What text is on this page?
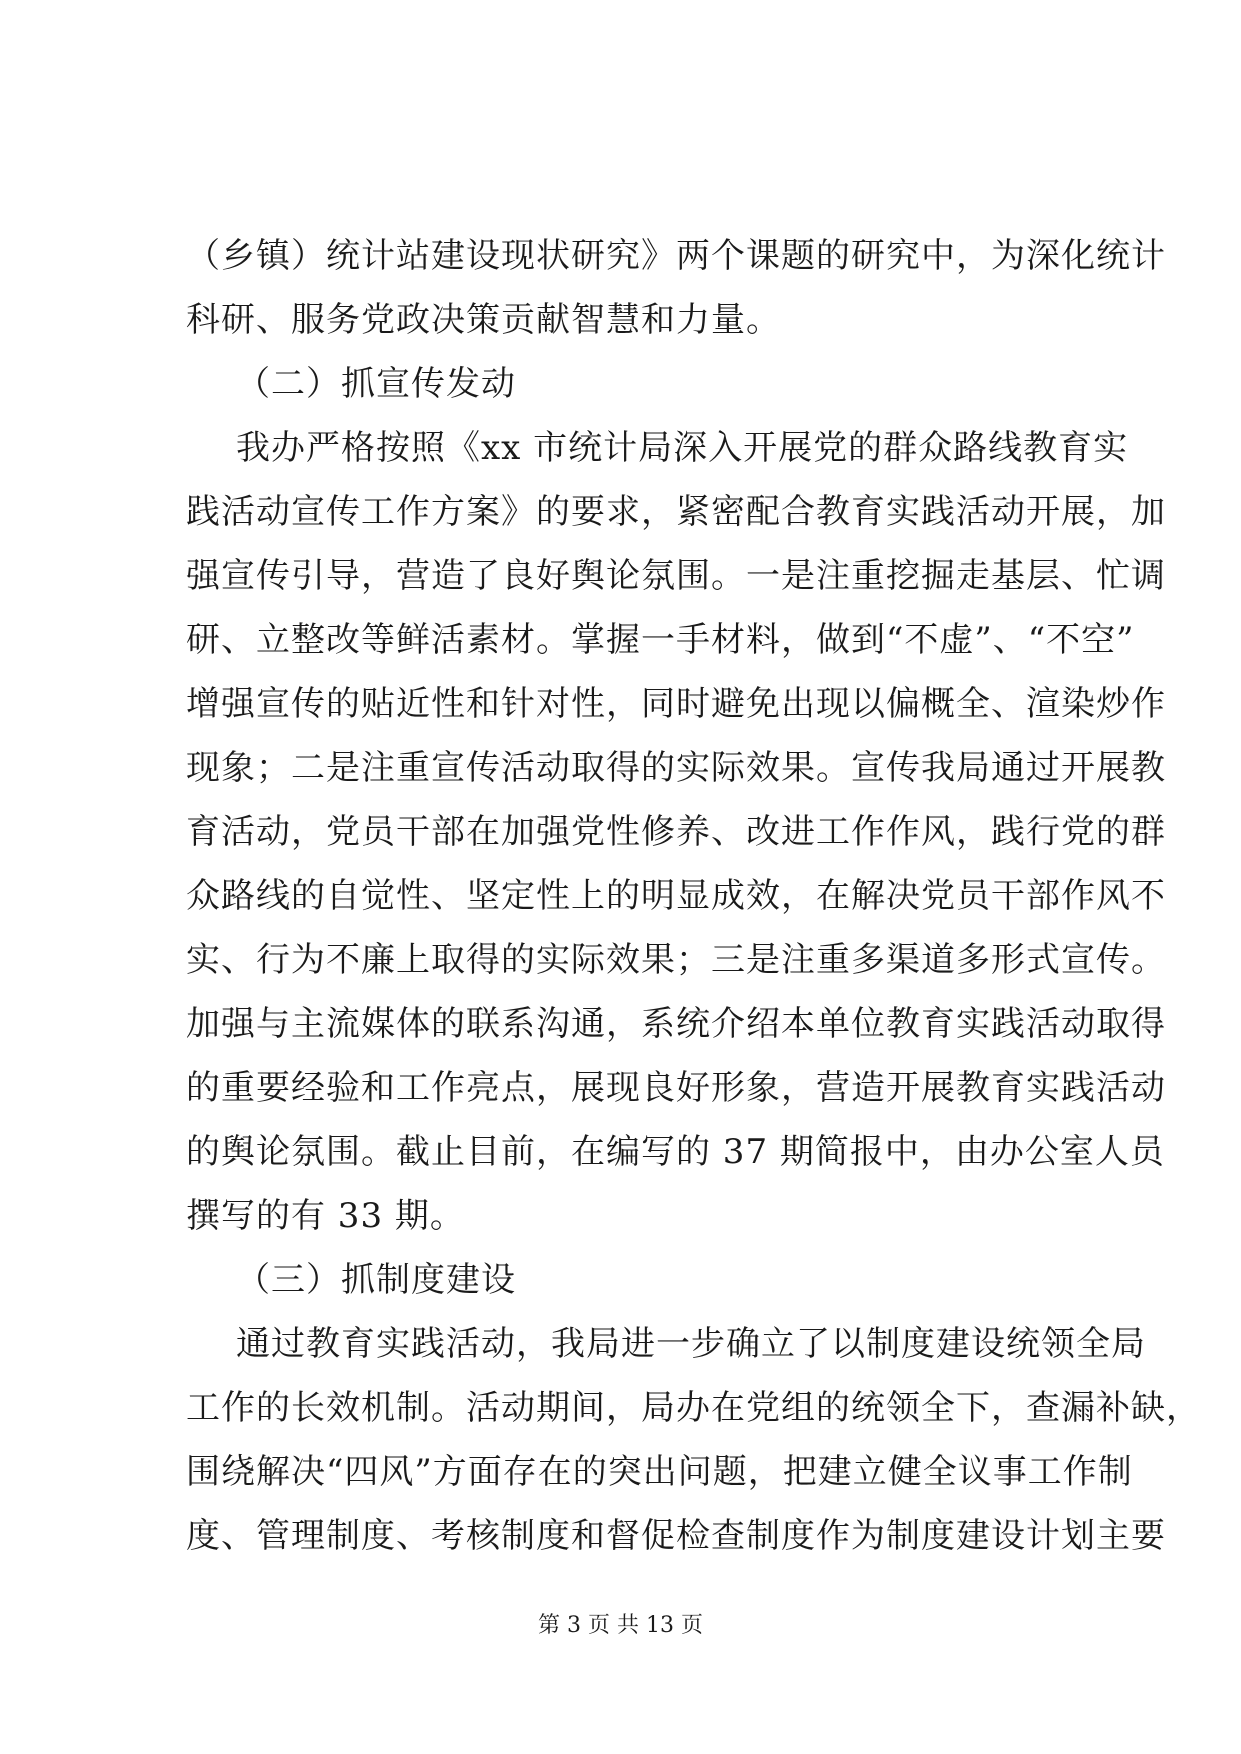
（乡镇）统计站建设现状研究》两个课题的研究中，为深化统计
科研、服务党政决策贡献智慧和力量。
（二）抓宣传发动
我办严格按照《xx 市统计局深入开展党的群众路线教育实
践活动宣传工作方案》的要求，紧密配合教育实践活动开展，加
强宣传引导，营造了良好舆论氛围。一是注重挖掘走基层、忙调
研、立整改等鲜活素材。掌握一手材料，做到“不虚”、“不空”
增强宣传的贴近性和针对性，同时避免出现以偏概全、渲染炒作
现象；二是注重宣传活动取得的实际效果。宣传我局通过开展教
育活动，党员干部在加强党性修养、改进工作作风，践行党的群
众路线的自觉性、坚定性上的明显成效，在解决党员干部作风不
实、行为不廉上取得的实际效果；三是注重多渠道多形式宣传。
加强与主流媒体的联系沟通，系统介绍本单位教育实践活动取得
的重要经验和工作亮点，展现良好形象，营造开展教育实践活动
的舆论氛围。截止目前，在编写的 37 期简报中，由办公室人员
撰写的有 33 期。
（三）抓制度建设
通过教育实践活动，我局进一步确立了以制度建设统领全局
工作的长效机制。活动期间，局办在党组的统领全下，查漏补缺，
围绕解决“四风”方面存在的突出问题，把建立健全议事工作制
度、管理制度、考核制度和督促检查制度作为制度建设计划主要
第 3 页 共 13 页
